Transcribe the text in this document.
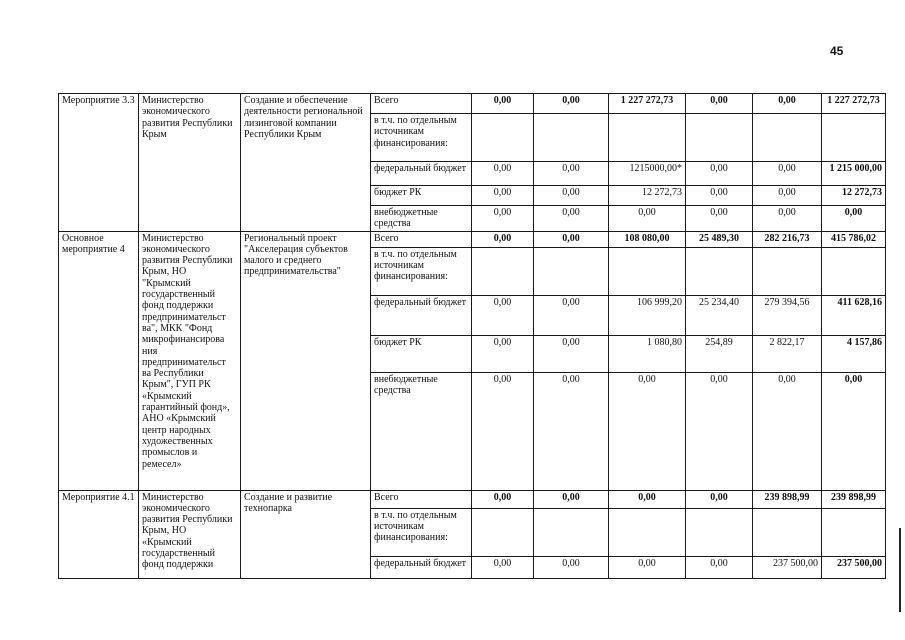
45
Мероприятие 3.3	Министерство экономического развития Республики Крым	Создание и обеспечение деятельности региональной лизинговой компании Республики Крым	Всего	0,00	0,00	1 227 272,73	0,00	0,00	1 227 272,73
			в т.ч. по отдельным источникам финансирования:						
			федеральный бюджет	0,00	0,00	1215000,00*	0,00	0,00	1 215 000,00
			бюджет РК	0,00	0,00	12 272,73	0,00	0,00	12 272,73
			внебюджетные средства	0,00	0,00	0,00	0,00	0,00	0,00
Основное мероприятие 4	Министерство экономического развития Республики Крым, НО "Крымский государственный фонд поддержки предпринимательст ва", МКК "Фонд микрофинансирова ния предпринимательст ва Республики Крым", ГУП РК «Крымский гарантийный фонд», АНО «Крымский центр народных художественных промыслов и ремесел»	Региональный проект "Акселерация субъектов малого и среднего предпринимательства"	Всего	0,00	0,00	108 080,00	25 489,30	282 216,73	415 786,02
			в т.ч. по отдельным источникам финансирования:						
			федеральный бюджет	0,00	0,00	106 999,20	25 234,40	279 394,56	411 628,16
			бюджет РК	0,00	0,00	1 080,80	254,89	2 822,17	4 157,86
			внебюджетные средства	0,00	0,00	0,00	0,00	0,00	0,00
Мероприятие 4.1	Министерство экономического развития Республики Крым, НО «Крымский государственный фонд поддержки	Создание и развитие технопарка	Всего	0,00	0,00	0,00	0,00	239 898,99	239 898,99
			в т.ч. по отдельным источникам финансирования:						
			федеральный бюджет	0,00	0,00	0,00	0,00	237 500,00	237 500,00
